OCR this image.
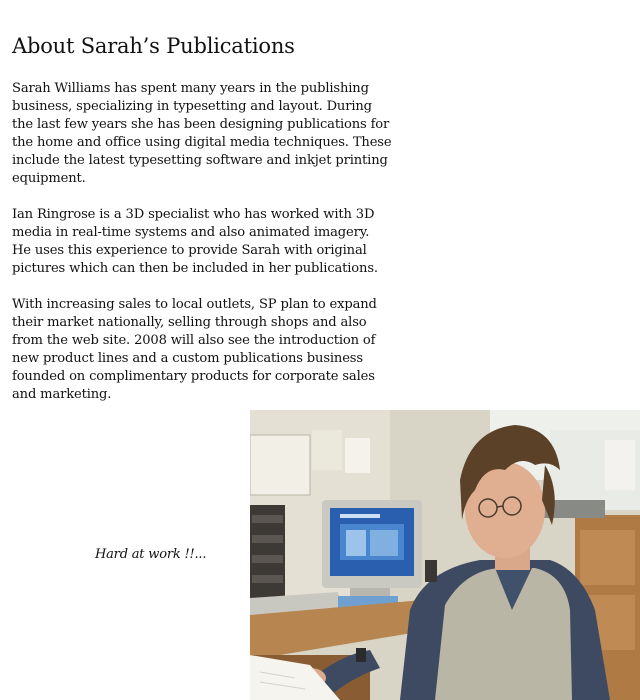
About Sarah’s Publications

Sarah Williams has spent many years in the publishing business, specializing in typesetting and layout. During the last few years she has been designing publications for the home and office using digital media techniques. These include the latest typesetting software and inkjet printing equipment.

Ian Ringrose is a 3D specialist who has worked with 3D media in real-time systems and also animated imagery. He uses this experience to provide Sarah with original pictures which can then be included in her publications.

With increasing sales to local outlets, SP plan to expand their market nationally, selling through shops and also from the web site. 2008 will also see the introduction of new product lines and a custom publications business founded on complimentary products for corporate sales and marketing.

Hard at work !!...
